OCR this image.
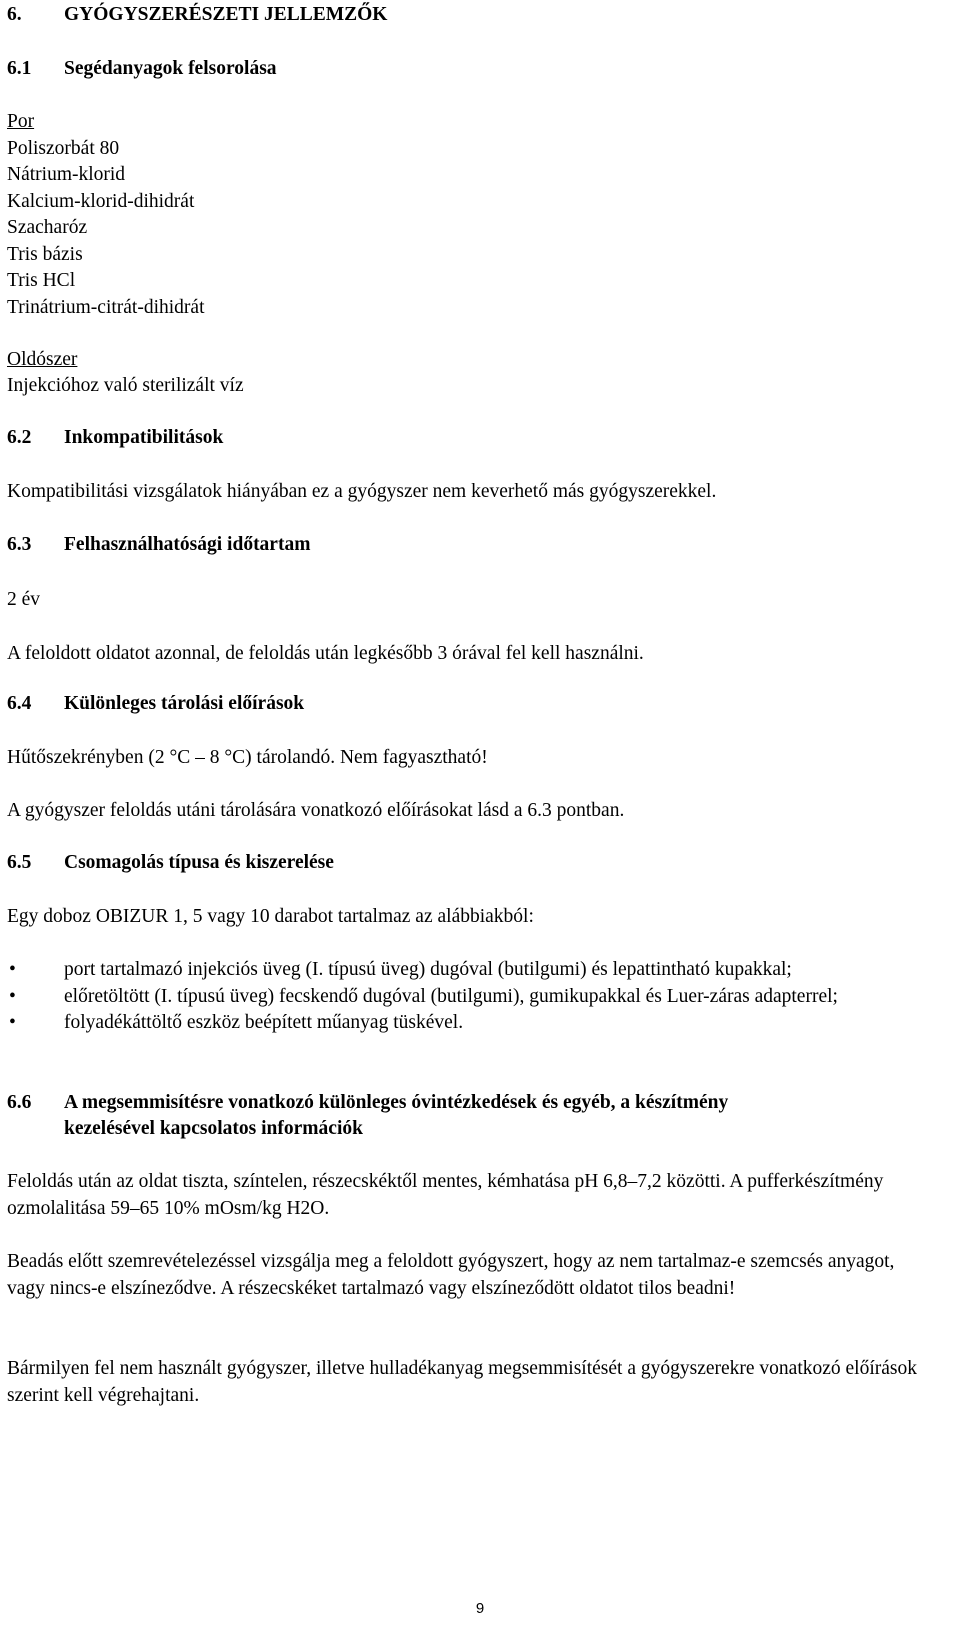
6. GYÓGYSZERÉSZETI JELLEMZŐK
6.1 Segédanyagok felsorolása
Por
Poliszorbát 80
Nátrium-klorid
Kalcium-klorid-dihidrát
Szacharóz
Tris bázis
Tris HCl
Trinátrium-citrát-dihidrát
Oldószer
Injekcióhoz való sterilizált víz
6.2 Inkompatibilitások
Kompatibilitási vizsgálatok hiányában ez a gyógyszer nem keverhető más gyógyszerekkel.
6.3 Felhasználhatósági időtartam
2 év
A feloldott oldatot azonnal, de feloldás után legkésőbb 3 órával fel kell használni.
6.4 Különleges tárolási előírások
Hűtőszekrényben (2 °C – 8 °C) tárolandó. Nem fagyasztható!
A gyógyszer feloldás utáni tárolására vonatkozó előírásokat lásd a 6.3 pontban.
6.5 Csomagolás típusa és kiszerelése
Egy doboz OBIZUR 1, 5 vagy 10 darabot tartalmaz az alábbiakból:
• port tartalmazó injekciós üveg (I. típusú üveg) dugóval (butilgumi) és lepattintható kupakkal;
• előretöltött (I. típusú üveg) fecskendő dugóval (butilgumi), gumikupakkal és Luer-záras adapterrel;
• folyadékáttöltő eszköz beépített műanyag tüskével.
6.6 A megsemmisítésre vonatkozó különleges óvintézkedések és egyéb, a készítmény
kezelésével kapcsolatos információk
Feloldás után az oldat tiszta, színtelen, részecskéktől mentes, kémhatása pH 6,8–7,2 közötti. A pufferkészítmény ozmolalitása 59–65 10% mOsm/kg H2O.
Beadás előtt szemrevételezéssel vizsgálja meg a feloldott gyógyszert, hogy az nem tartalmaz-e szemcsés anyagot, vagy nincs-e elszíneződve. A részecskéket tartalmazó vagy elszíneződött oldatot tilos beadni!
Bármilyen fel nem használt gyógyszer, illetve hulladékanyag megsemmisítését a gyógyszerekre vonatkozó előírások szerint kell végrehajtani.
9
